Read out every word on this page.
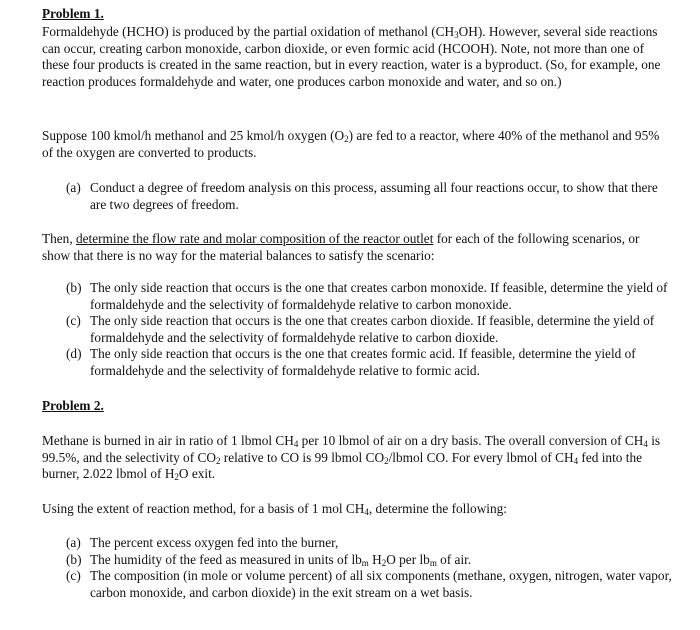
Problem 1.

Formaldehyde (HCHO) is produced by the partial oxidation of methanol $(CH_3OH)$. However, several side reactions can occur, creating carbon monoxide, carbon dioxide, or even formic acid (HCOOH). Note, not more than one of these four products is created in the same reaction, but in every reaction, water is a byproduct. (So, for example, one reaction produces formaldehyde and water, one produces carbon monoxide and water, and so on.)

Suppose 100 kmol/h methanol and 25 kmol/h oxygen $(O_2)$ are fed to a reactor, where 40% of the methanol and 95% of the oxygen are converted to products.

(a) Conduct a degree of freedom analysis on this process, assuming all four reactions occur, to show that there are two degrees of freedom.

Then, determine the flow rate and molar composition of the reactor outlet for each of the following scenarios, or show that there is no way for the material balances to satisfy the scenario:

(b) The only side reaction that occurs is the one that creates carbon monoxide. If feasible, determine the yield of formaldehyde and the selectivity of formaldehyde relative to carbon monoxide.
(c) The only side reaction that occurs is the one that creates carbon dioxide. If feasible, determine the yield of formaldehyde and the selectivity of formaldehyde relative to carbon dioxide.
(d) The only side reaction that occurs is the one that creates formic acid. If feasible, determine the yield of formaldehyde and the selectivity of formaldehyde relative to formic acid.
Problem 2.

Methane is burned in air in ratio of 1 lbmol $CH_4$ per 10 lbmol of air on a dry basis. The overall conversion of $CH_4$ is 99.5%, and the selectivity of $CO_2$ relative to CO is 99 lbmol $CO_2$/lbmol CO. For every lbmol of $CH_4$ fed into the burner, 2.022 lbmol of $H_2O$ exit.

Using the extent of reaction method, for a basis of 1 mol $CH_4$, determine the following:

(a) The percent excess oxygen fed into the burner,
(b) The humidity of the feed as measured in units of $lb_m$ $H_2O$ per $lb_m$ of air.
(c) The composition (in mole or volume percent) of all six components (methane, oxygen, nitrogen, water vapor, carbon monoxide, and carbon dioxide) in the exit stream on a wet basis.
